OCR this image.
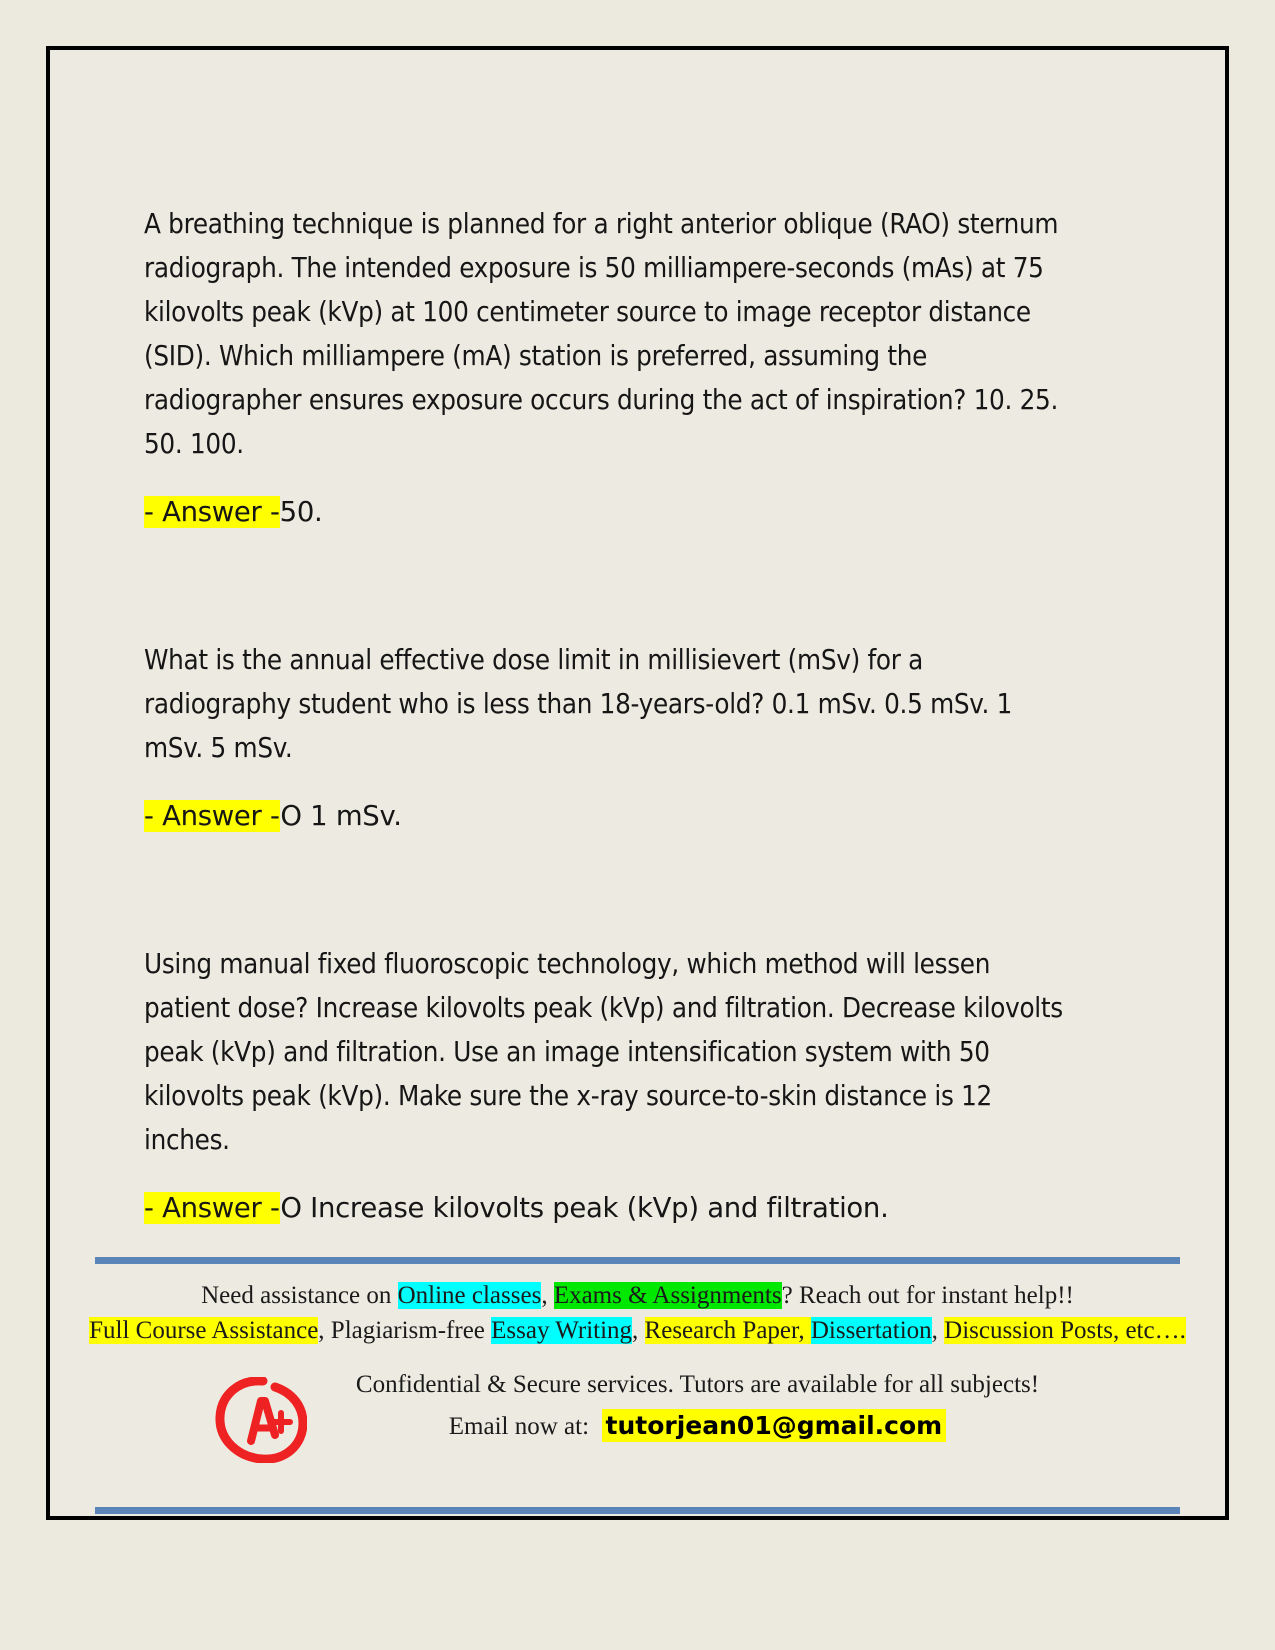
A breathing technique is planned for a right anterior oblique (RAO) sternum radiograph. The intended exposure is 50 milliampere-seconds (mAs) at 75 kilovolts peak (kVp) at 100 centimeter source to image receptor distance (SID). Which milliampere (mA) station is preferred, assuming the radiographer ensures exposure occurs during the act of inspiration? 10. 25. 50. 100.
- Answer -50.
What is the annual effective dose limit in millisievert (mSv) for a radiography student who is less than 18-years-old? 0.1 mSv. 0.5 mSv. 1 mSv. 5 mSv.
- Answer -O 1 mSv.
Using manual fixed fluoroscopic technology, which method will lessen patient dose? Increase kilovolts peak (kVp) and filtration. Decrease kilovolts peak (kVp) and filtration. Use an image intensification system with 50 kilovolts peak (kVp). Make sure the x-ray source-to-skin distance is 12 inches.
- Answer -O Increase kilovolts peak (kVp) and filtration.
Need assistance on Online classes, Exams & Assignments? Reach out for instant help!!
Full Course Assistance, Plagiarism-free Essay Writing, Research Paper, Dissertation, Discussion Posts, etc….
Confidential & Secure services. Tutors are available for all subjects!
Email now at: tutorjean01@gmail.com
